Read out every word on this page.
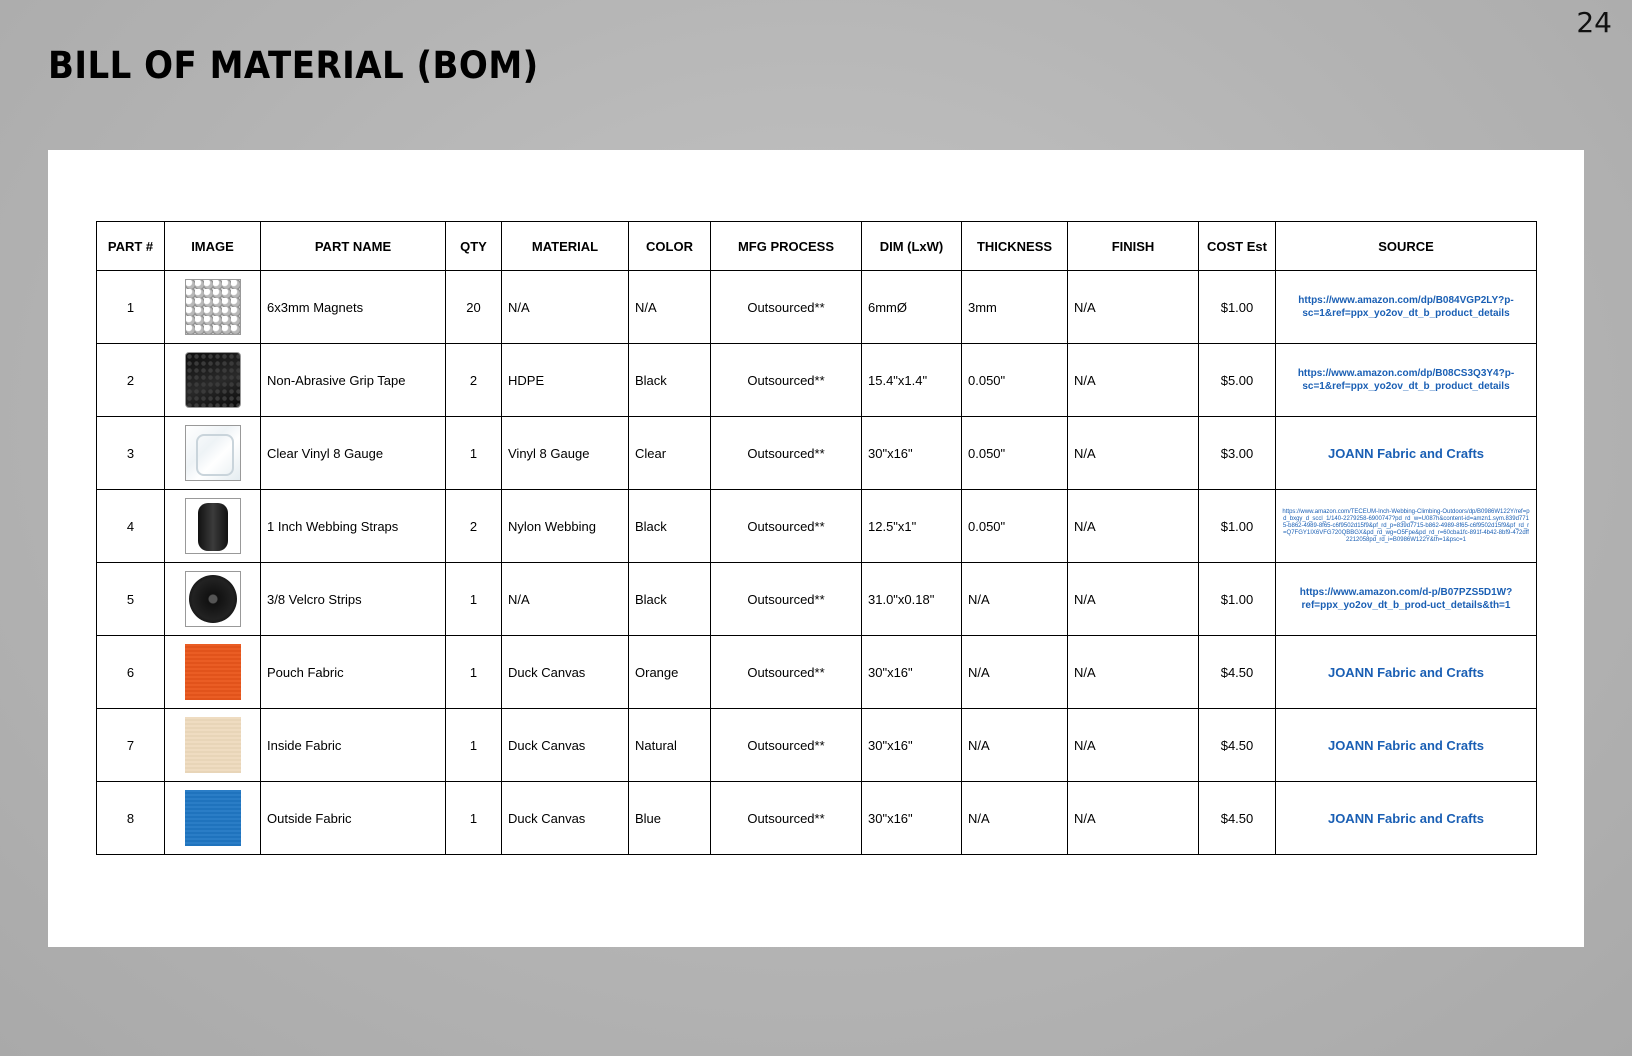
24
BILL OF MATERIAL (BOM)
PART #	IMAGE	PART NAME	QTY	MATERIAL	COLOR	MFG PROCESS	DIM (LxW)	THICKNESS	FINISH	COST Est	SOURCE
1		6x3mm Magnets	20	N/A	N/A	Outsourced**	6mmØ	3mm	N/A	$1.00	https://www.amazon.com/dp/B084VGP2LY?p-sc=1&ref=ppx_yo2ov_dt_b_product_details
2		Non-Abrasive Grip Tape	2	HDPE	Black	Outsourced**	15.4"x1.4"	0.050"	N/A	$5.00	https://www.amazon.com/dp/B08CS3Q3Y4?p-sc=1&ref=ppx_yo2ov_dt_b_product_details
3		Clear Vinyl 8 Gauge	1	Vinyl 8 Gauge	Clear	Outsourced**	30"x16"	0.050"	N/A	$3.00	JOANN Fabric and Crafts
4		1 Inch Webbing Straps	2	Nylon Webbing	Black	Outsourced**	12.5"x1"	0.050"	N/A	$1.00	https://www.amazon.com/TECEUM-Inch-Webbing-Climbing-Outdoors/dp/B0986W122Y/ref=pd_bxgy_d_sccl_1/140-2279258-6900747?pd_rd_w=U087h&content-id=amzn1.sym.839d7715-b862-4989-8f65-c6f9502d15f9&pf_rd_p=839d7715-b862-4989-8f65-c6f9502d15f9&pf_rd_r=Q7FGY1IX6VFG720QBBGX&pd_rd_wg=O5Fpe&pd_rd_r=60cba1fc-891f-4b42-8bf9-472dff2212058pd_rd_i=B0986W122Y&th=1&psc=1
5		3/8 Velcro Strips	1	N/A	Black	Outsourced**	31.0"x0.18"	N/A	N/A	$1.00	https://www.amazon.com/d-p/B07PZS5D1W?ref=ppx_yo2ov_dt_b_prod-uct_details&th=1
6		Pouch Fabric	1	Duck Canvas	Orange	Outsourced**	30"x16"	N/A	N/A	$4.50	JOANN Fabric and Crafts
7		Inside Fabric	1	Duck Canvas	Natural	Outsourced**	30"x16"	N/A	N/A	$4.50	JOANN Fabric and Crafts
8		Outside Fabric	1	Duck Canvas	Blue	Outsourced**	30"x16"	N/A	N/A	$4.50	JOANN Fabric and Crafts
